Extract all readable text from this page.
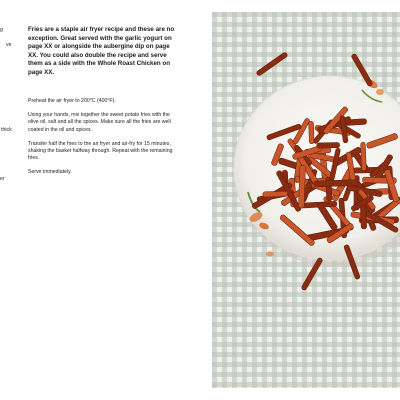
g
ve
thick
er
Fries are a staple air fryer recipe and these are no exception. Great served with the garlic yogurt on page XX or alongside the aubergine dip on page XX. You could also double the recipe and serve them as a side with the Whole Roast Chicken on page XX.

Preheat the air fryer to 200°C (400°F).

Using your hands, mix together the sweet potato fries with the olive oil, salt and all the spices. Make sure all the fries are well coated in the oil and spices.

Transfer half the fries to the air fryer and air-fry for 15 minutes, shaking the basket halfway through. Repeat with the remaining fries.

Serve immediately.
